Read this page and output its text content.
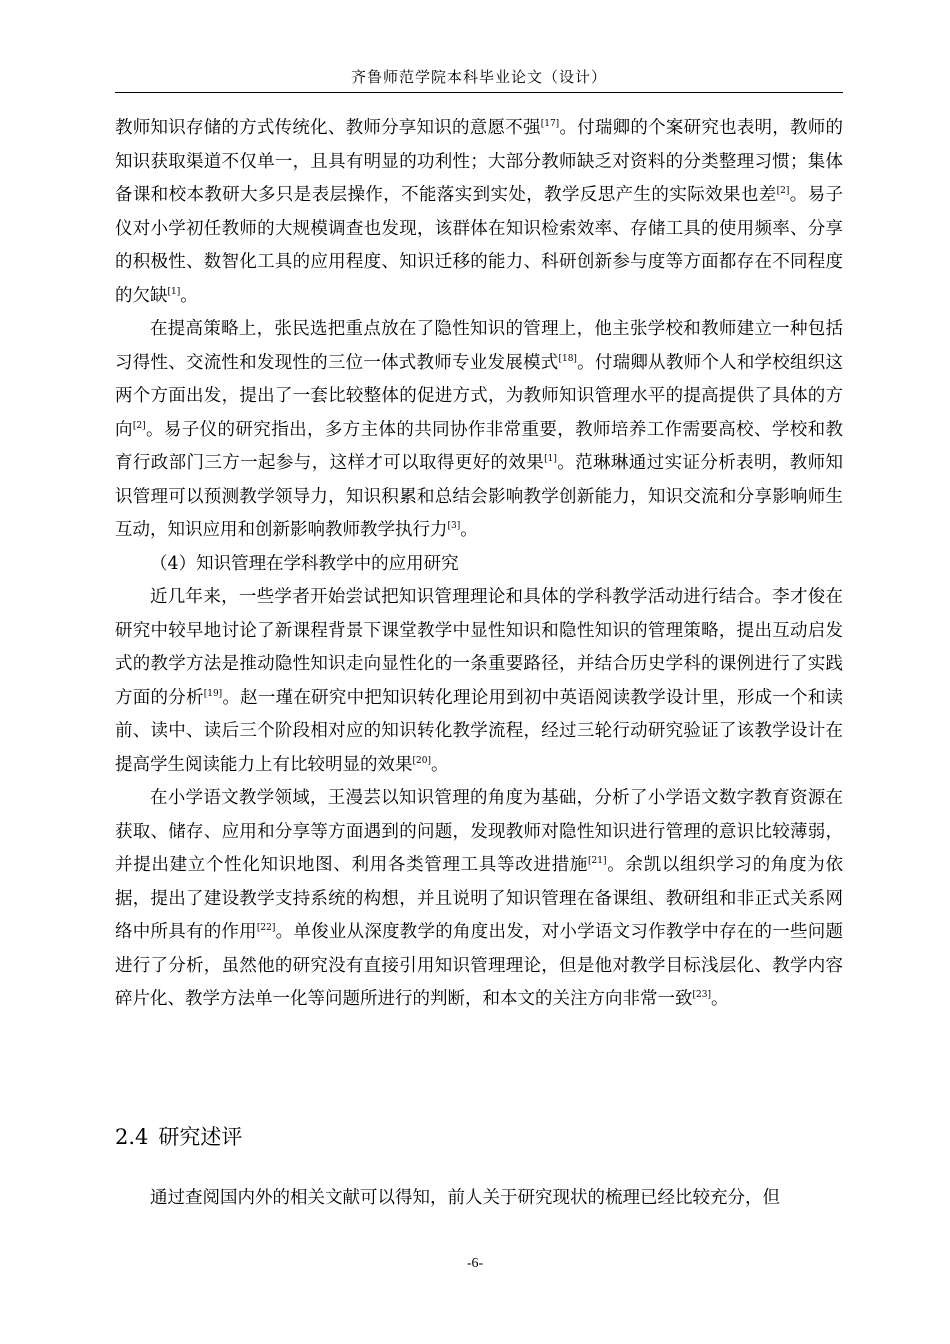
齐鲁师范学院本科毕业论文（设计）

教师知识存储的方式传统化、教师分享知识的意愿不强[17]。付瑞卿的个案研究也表明，教师的知识获取渠道不仅单一，且具有明显的功利性；大部分教师缺乏对资料的分类整理习惯；集体备课和校本教研大多只是表层操作，不能落实到实处，教学反思产生的实际效果也差[2]。易子仪对小学初任教师的大规模调查也发现，该群体在知识检索效率、存储工具的使用频率、分享的积极性、数智化工具的应用程度、知识迁移的能力、科研创新参与度等方面都存在不同程度的欠缺[1]。

在提高策略上，张民选把重点放在了隐性知识的管理上，他主张学校和教师建立一种包括习得性、交流性和发现性的三位一体式教师专业发展模式[18]。付瑞卿从教师个人和学校组织这两个方面出发，提出了一套比较整体的促进方式，为教师知识管理水平的提高提供了具体的方向[2]。易子仪的研究指出，多方主体的共同协作非常重要，教师培养工作需要高校、学校和教育行政部门三方一起参与，这样才可以取得更好的效果[1]。范琳琳通过实证分析表明，教师知识管理可以预测教学领导力，知识积累和总结会影响教学创新能力，知识交流和分享影响师生互动，知识应用和创新影响教师教学执行力[3]。

（4）知识管理在学科教学中的应用研究

近几年来，一些学者开始尝试把知识管理理论和具体的学科教学活动进行结合。李才俊在研究中较早地讨论了新课程背景下课堂教学中显性知识和隐性知识的管理策略，提出互动启发式的教学方法是推动隐性知识走向显性化的一条重要路径，并结合历史学科的课例进行了实践方面的分析[19]。赵一瑾在研究中把知识转化理论用到初中英语阅读教学设计里，形成一个和读前、读中、读后三个阶段相对应的知识转化教学流程，经过三轮行动研究验证了该教学设计在提高学生阅读能力上有比较明显的效果[20]。

在小学语文教学领域，王漫芸以知识管理的角度为基础，分析了小学语文数字教育资源在获取、储存、应用和分享等方面遇到的问题，发现教师对隐性知识进行管理的意识比较薄弱，并提出建立个性化知识地图、利用各类管理工具等改进措施[21]。余凯以组织学习的角度为依据，提出了建设教学支持系统的构想，并且说明了知识管理在备课组、教研组和非正式关系网络中所具有的作用[22]。单俊业从深度教学的角度出发，对小学语文习作教学中存在的一些问题进行了分析，虽然他的研究没有直接引用知识管理理论，但是他对教学目标浅层化、教学内容碎片化、教学方法单一化等问题所进行的判断，和本文的关注方向非常一致[23]。

2.4 研究述评

通过查阅国内外的相关文献可以得知，前人关于研究现状的梳理已经比较充分，但

-6-
